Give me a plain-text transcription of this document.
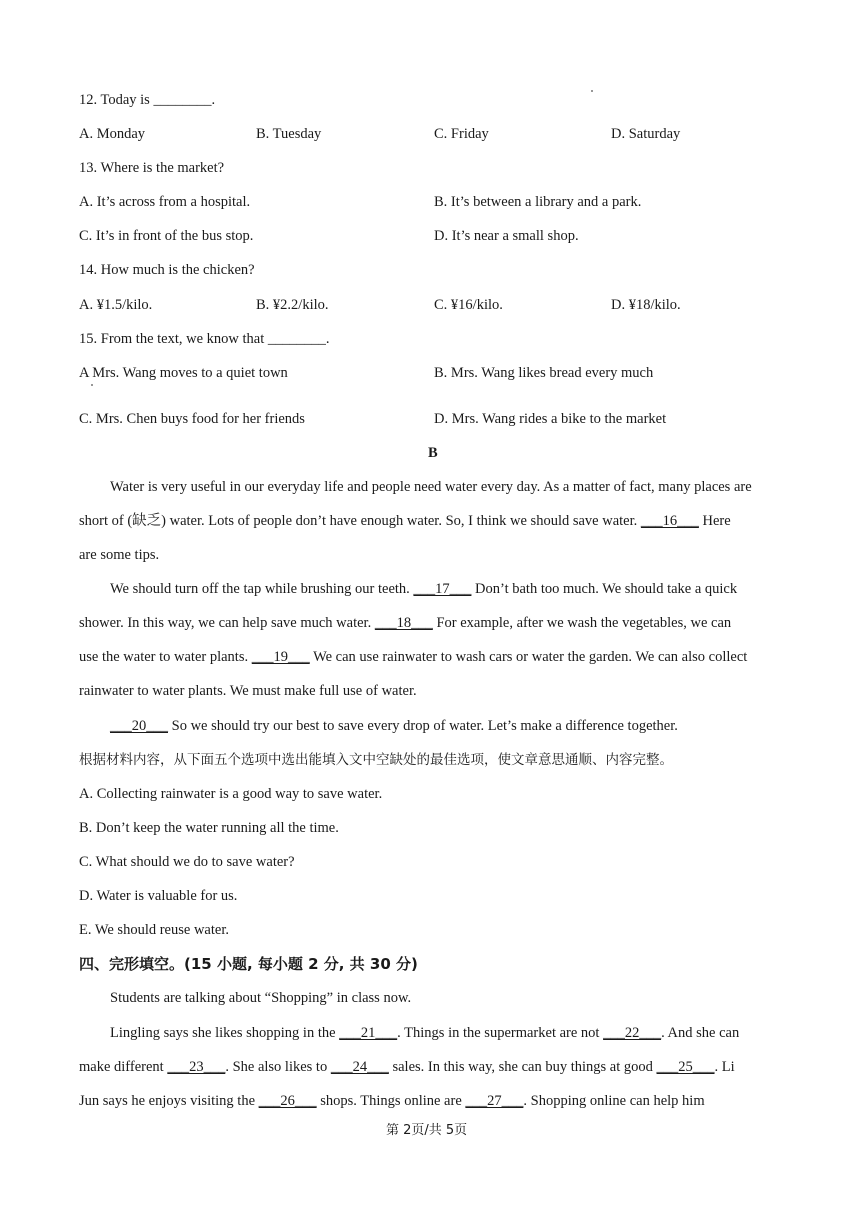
12. Today is ________.
A. Monday	B. Tuesday	C. Friday	D. Saturday
13. Where is the market?
A. It’s across from a hospital.	B. It’s between a library and a park.
C. It’s in front of the bus stop.	D. It’s near a small shop.
14. How much is the chicken?
A. ¥1.5/kilo.	B. ¥2.2/kilo.	C. ¥16/kilo.	D. ¥18/kilo.
15. From the text, we know that ________.
A Mrs. Wang moves to a quiet town	B. Mrs. Wang likes bread every much
C. Mrs. Chen buys food for her friends	D. Mrs. Wang rides a bike to the market
B
Water is very useful in our everyday life and people need water every day. As a matter of fact, many places are
short of (缺乏) water. Lots of people don’t have enough water. So, I think we should save water. ___16___ Here
are some tips.
We should turn off the tap while brushing our teeth. ___17___ Don’t bath too much. We should take a quick
shower. In this way, we can help save much water. ___18___ For example, after we wash the vegetables, we can
use the water to water plants. ___19___ We can use rainwater to wash cars or water the garden. We can also collect
rainwater to water plants. We must make full use of water.
___20___ So we should try our best to save every drop of water. Let’s make a difference together.
根据材料内容，从下面五个选项中选出能填入文中空缺处的最佳选项，使文章意思通顺、内容完整。
A. Collecting rainwater is a good way to save water.
B. Don’t keep the water running all the time.
C. What should we do to save water?
D. Water is valuable for us.
E. We should reuse water.
四、完形填空。(15 小题, 每小题 2 分, 共 30 分)
Students are talking about “Shopping” in class now.
Lingling says she likes shopping in the ___21___. Things in the supermarket are not ___22___. And she can
make different ___23___. She also likes to ___24___ sales. In this way, she can buy things at good ___25___. Li
Jun says he enjoys visiting the ___26___ shops. Things online are ___27___. Shopping online can help him
第 2页/共 5页
